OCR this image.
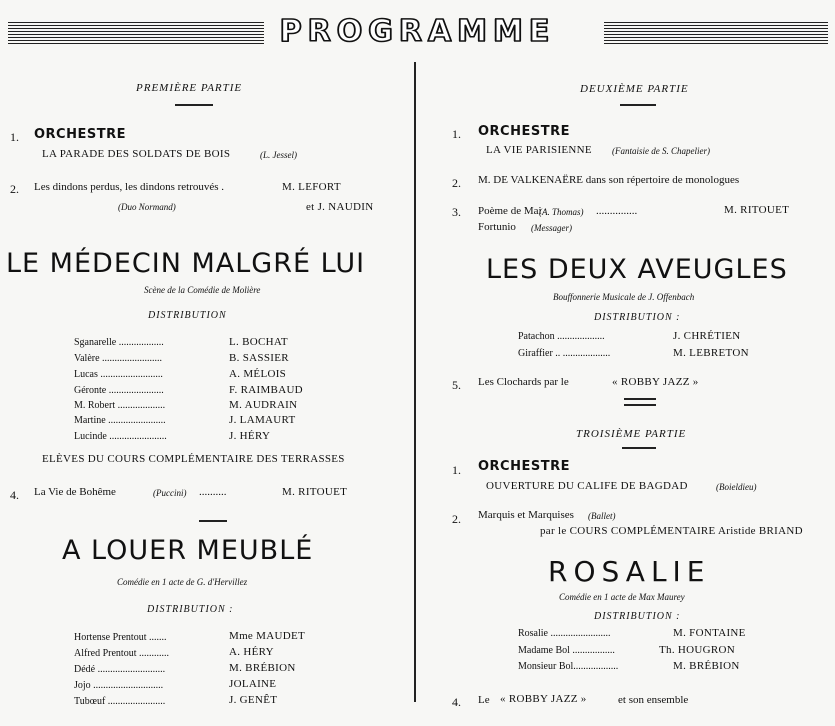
PROGRAMME
PREMIÈRE PARTIE
1. ORCHESTRE
LA PARADE DES SOLDATS DE BOIS	(L. Jessel)
2. Les dindons perdus, les dindons retrouvés .	M. LEFORT
(Duo Normand)	et J. NAUDIN
LE MÉDECIN MALGRÉ LUI
Scène de la Comédie de Molière
DISTRIBUTION
Sganarelle ..................	L. BOCHAT
Valère ........................	B. SASSIER
Lucas .........................	A. MÉLOIS
Géronte ......................	F. RAIMBAUD
M. Robert ...................	M. AUDRAIN
Martine .......................	J. LAMAURT
Lucinde .......................	J. HÉRY
ELÈVES DU COURS COMPLÉMENTAIRE DES TERRASSES
4. La Vie de Bohême	(Puccini) ..........	M. RITOUET
A LOUER MEUBLÉ
Comédie en 1 acte de G. d'Hervillez
DISTRIBUTION :
Hortense Prentout .......	Mme MAUDET
Alfred Prentout ............	A. HÉRY
Dédé ...........................	M. BRÉBION
Jojo ............................	JOLAINE
Tubœuf .......................	J. GENÊT
DEUXIÈME PARTIE
1. ORCHESTRE
LA VIE PARISIENNE (Fantaisie de S. Chapelier)
2. M. DE VALKENAËRE dans son répertoire de monologues
3. Poème de Mai
(A. Thomas) ...............	M. RITOUET
Fortunio (Messager)
LES DEUX AVEUGLES
Bouffonnerie Musicale de J. Offenbach
DISTRIBUTION :
Patachon ...................	J. CHRÉTIEN
Giraffier .. ...................	M. LEBRETON
5. Les Clochards par le	« ROBBY JAZZ »
TROISIÈME PARTIE
1. ORCHESTRE
OUVERTURE DU CALIFE DE BAGDAD	(Boieldieu)
2. Marquis et Marquises (Ballet)
par le COURS COMPLÉMENTAIRE Aristide BRIAND
ROSALIE
Comédie en 1 acte de Max Maurey
DISTRIBUTION :
Rosalie ........................	M. FONTAINE
Madame Bol .................	Th. HOUGRON
Monsieur Bol..................	M. BRÉBION
4. Le « ROBBY JAZZ »	et son ensemble
